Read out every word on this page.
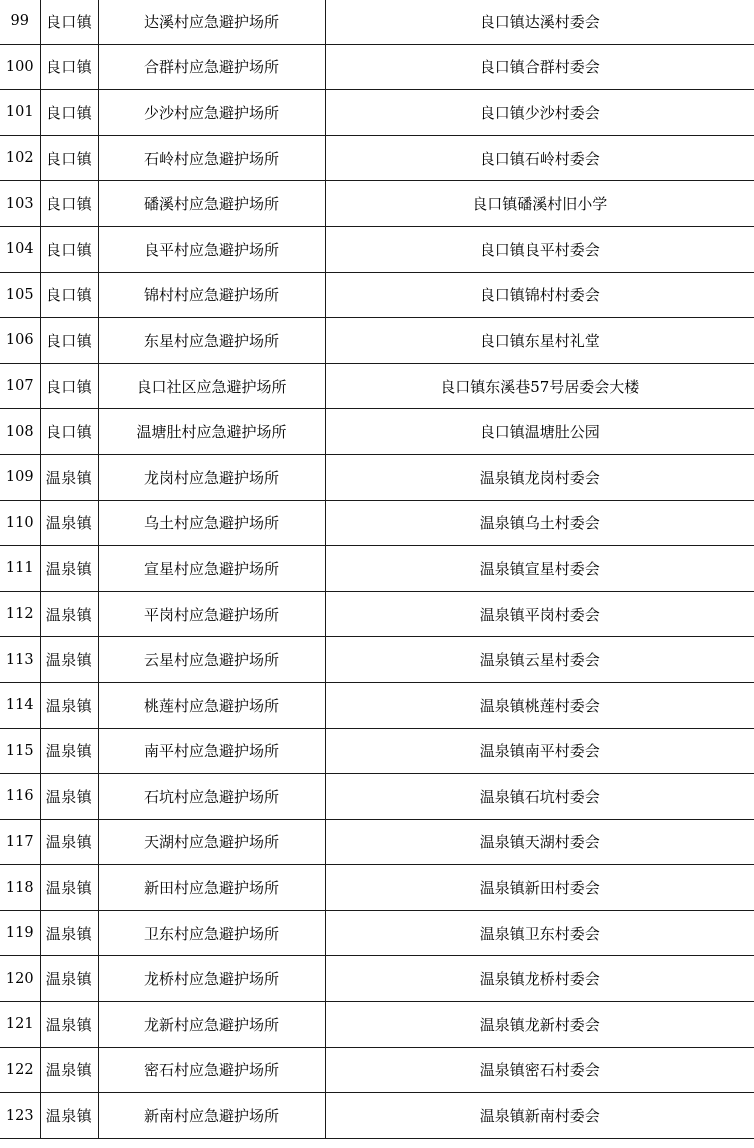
99	良口镇	达溪村应急避护场所	良口镇达溪村委会
100	良口镇	合群村应急避护场所	良口镇合群村委会
101	良口镇	少沙村应急避护场所	良口镇少沙村委会
102	良口镇	石岭村应急避护场所	良口镇石岭村委会
103	良口镇	磻溪村应急避护场所	良口镇磻溪村旧小学
104	良口镇	良平村应急避护场所	良口镇良平村委会
105	良口镇	锦村村应急避护场所	良口镇锦村村委会
106	良口镇	东星村应急避护场所	良口镇东星村礼堂
107	良口镇	良口社区应急避护场所	良口镇东溪巷57号居委会大楼
108	良口镇	温塘肚村应急避护场所	良口镇温塘肚公园
109	温泉镇	龙岗村应急避护场所	温泉镇龙岗村委会
110	温泉镇	乌土村应急避护场所	温泉镇乌土村委会
111	温泉镇	宣星村应急避护场所	温泉镇宣星村委会
112	温泉镇	平岗村应急避护场所	温泉镇平岗村委会
113	温泉镇	云星村应急避护场所	温泉镇云星村委会
114	温泉镇	桃莲村应急避护场所	温泉镇桃莲村委会
115	温泉镇	南平村应急避护场所	温泉镇南平村委会
116	温泉镇	石坑村应急避护场所	温泉镇石坑村委会
117	温泉镇	天湖村应急避护场所	温泉镇天湖村委会
118	温泉镇	新田村应急避护场所	温泉镇新田村委会
119	温泉镇	卫东村应急避护场所	温泉镇卫东村委会
120	温泉镇	龙桥村应急避护场所	温泉镇龙桥村委会
121	温泉镇	龙新村应急避护场所	温泉镇龙新村委会
122	温泉镇	密石村应急避护场所	温泉镇密石村委会
123	温泉镇	新南村应急避护场所	温泉镇新南村委会
